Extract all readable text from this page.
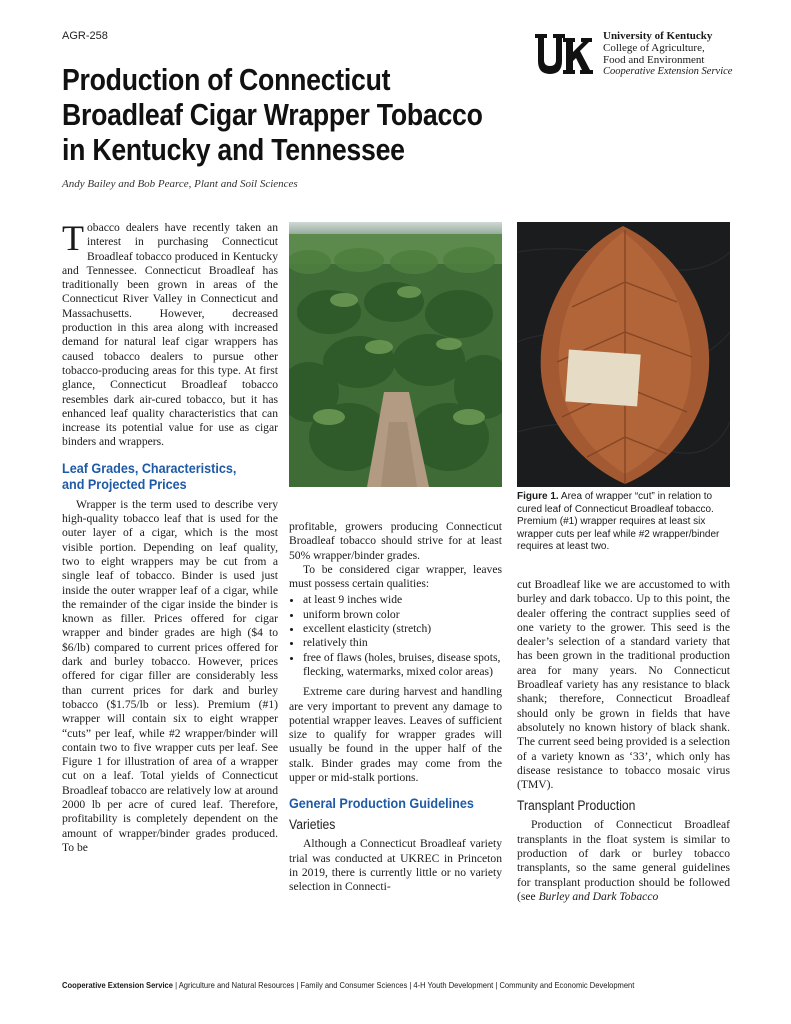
AGR-258	University of Kentucky
College of Agriculture,
Food and Environment
Cooperative Extension Service
Production of Connecticut Broadleaf Cigar Wrapper Tobacco in Kentucky and Tennessee
Andy Bailey and Bob Pearce, Plant and Soil Sciences

Tobacco dealers have recently taken an interest in purchasing Connecticut Broadleaf tobacco produced in Kentucky and Tennessee. Connecticut Broadleaf has traditionally been grown in areas of the Connecticut River Valley in Connecticut and Massachusetts. However, decreased production in this area along with increased demand for natural leaf cigar wrappers has caused tobacco dealers to pursue other tobacco-producing areas for this type. At first glance, Connecticut Broadleaf tobacco resembles dark air-cured tobacco, but it has enhanced leaf quality characteristics that can increase its potential value for use as cigar binders and wrappers.

Leaf Grades, Characteristics, and Projected Prices

Wrapper is the term used to describe very high-quality tobacco leaf that is used for the outer layer of a cigar, which is the most visible portion. Depending on leaf quality, two to eight wrappers may be cut from a single leaf of tobacco. Binder is used just inside the outer wrapper leaf of a cigar, while the remainder of the cigar inside the binder is known as filler. Prices offered for cigar wrapper and binder grades are high ($4 to $6/lb) compared to current prices offered for dark and burley tobacco. However, prices offered for cigar filler are considerably less than current prices for dark and burley tobacco ($1.75/lb or less). Premium (#1) wrapper will contain six to eight wrapper “cuts” per leaf, while #2 wrapper/binder will contain two to five wrapper cuts per leaf. See Figure 1 for illustration of area of a wrapper cut on a leaf. Total yields of Connecticut Broadleaf tobacco are relatively low at around 2000 lb per acre of cured leaf. Therefore, profitability is completely dependent on the amount of wrapper/binder grades produced. To be

Figure 1. Area of wrapper “cut” in relation to cured leaf of Connecticut Broadleaf tobacco. Premium (#1) wrapper requires at least six wrapper cuts per leaf while #2 wrapper/binder requires at least two.

profitable, growers producing Connecticut Broadleaf tobacco should strive for at least 50% wrapper/binder grades.

To be considered cigar wrapper, leaves must possess certain qualities:

• at least 9 inches wide
• uniform brown color
• excellent elasticity (stretch)
• relatively thin
• free of flaws (holes, bruises, disease spots, flecking, watermarks, mixed color areas)

Extreme care during harvest and handling are very important to prevent any damage to potential wrapper leaves. Leaves of sufficient size to qualify for wrapper grades will usually be found in the upper half of the stalk. Binder grades may come from the upper or mid-stalk portions.

General Production Guidelines
Varieties

Although a Connecticut Broadleaf variety trial was conducted at UKREC in Princeton in 2019, there is currently little or no variety selection in Connecti-

cut Broadleaf like we are accustomed to with burley and dark tobacco. Up to this point, the dealer offering the contract supplies seed of one variety to the grower. This seed is the dealer’s selection of a standard variety that has been grown in the traditional production area for many years. No Connecticut Broadleaf variety has any resistance to black shank; therefore, Connecticut Broadleaf should only be grown in fields that have absolutely no known history of black shank. The current seed being provided is a selection of a variety known as ‘33’, which only has disease resistance to tobacco mosaic virus (TMV).

Transplant Production

Production of Connecticut Broadleaf transplants in the float system is similar to production of dark or burley tobacco transplants, so the same general guidelines for transplant production should be followed (see Burley and Dark Tobacco

Cooperative Extension Service | Agriculture and Natural Resources | Family and Consumer Sciences | 4-H Youth Development | Community and Economic Development
